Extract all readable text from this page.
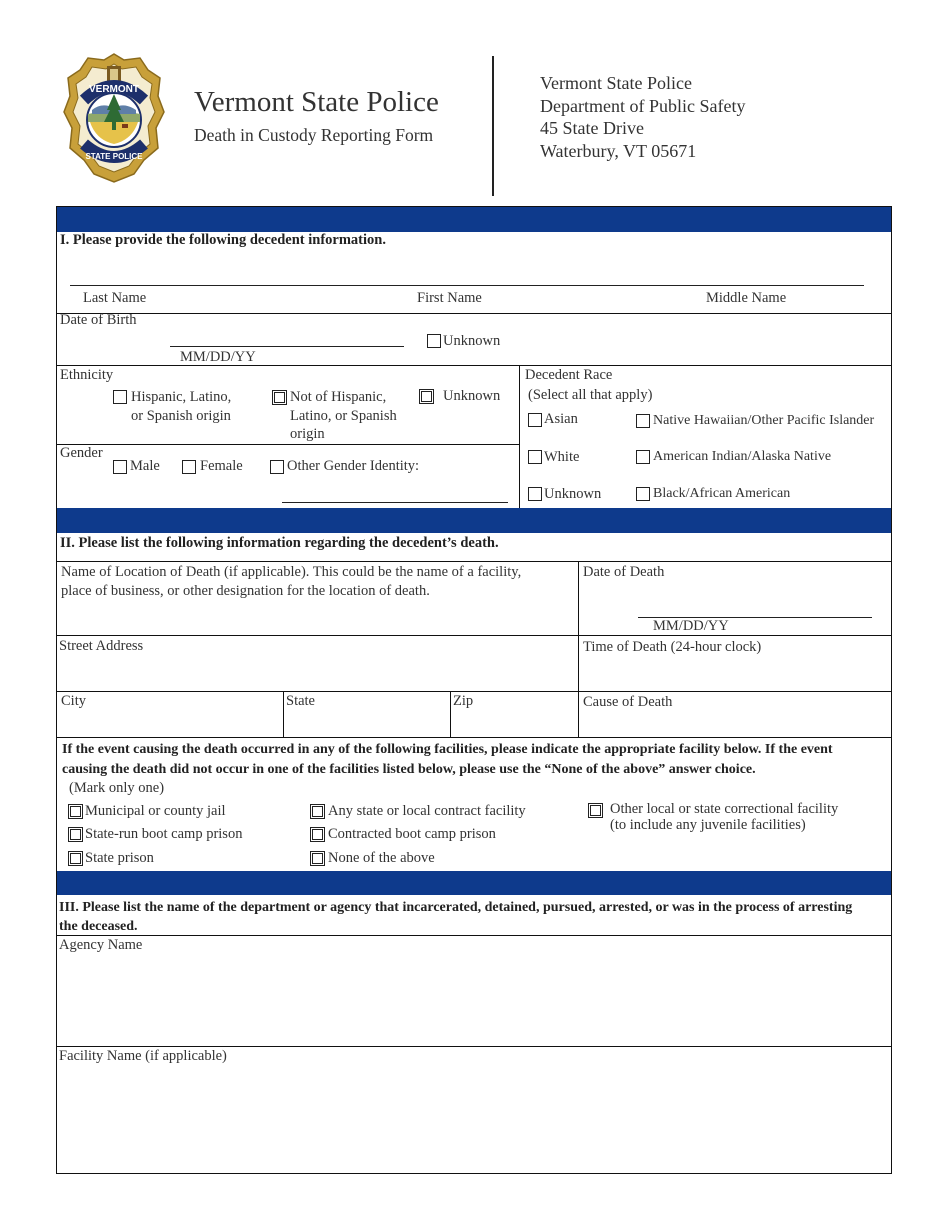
VERMONT
STATE POLICE
Vermont State Police
Death in Custody Reporting Form
Vermont State Police
Department of Public Safety
45 State Drive
Waterbury, VT 05671
I. Please provide the following decedent information.
Last Name	First Name	Middle Name
Date of Birth
MM/DD/YY
Unknown
Ethnicity
Hispanic, Latino,
or Spanish origin
Not of Hispanic,
Latino, or Spanish
origin
Unknown
Gender
Male	Female	Other Gender Identity:
Decedent Race
(Select all that apply)
Asian
White
Unknown
Native Hawaiian/Other Pacific Islander
American Indian/Alaska Native
Black/African American
II. Please list the following information regarding the decedent’s death.
Name of Location of Death (if applicable). This could be the name of a facility,
place of business, or other designation for the location of death.
Date of Death
MM/DD/YY
Street Address	Time of Death (24-hour clock)
City	State	Zip	Cause of Death
If the event causing the death occurred in any of the following facilities, please indicate the appropriate facility below. If the event
causing the death did not occur in one of the facilities listed below, please use the “None of the above” answer choice.
(Mark only one)
Municipal or county jail
State-run boot camp prison
State prison
Any state or local contract facility
Contracted boot camp prison
None of the above
Other local or state correctional facility
(to include any juvenile facilities)
III. Please list the name of the department or agency that incarcerated, detained, pursued, arrested, or was in the process of arresting
the deceased.
Agency Name
Facility Name (if applicable)
